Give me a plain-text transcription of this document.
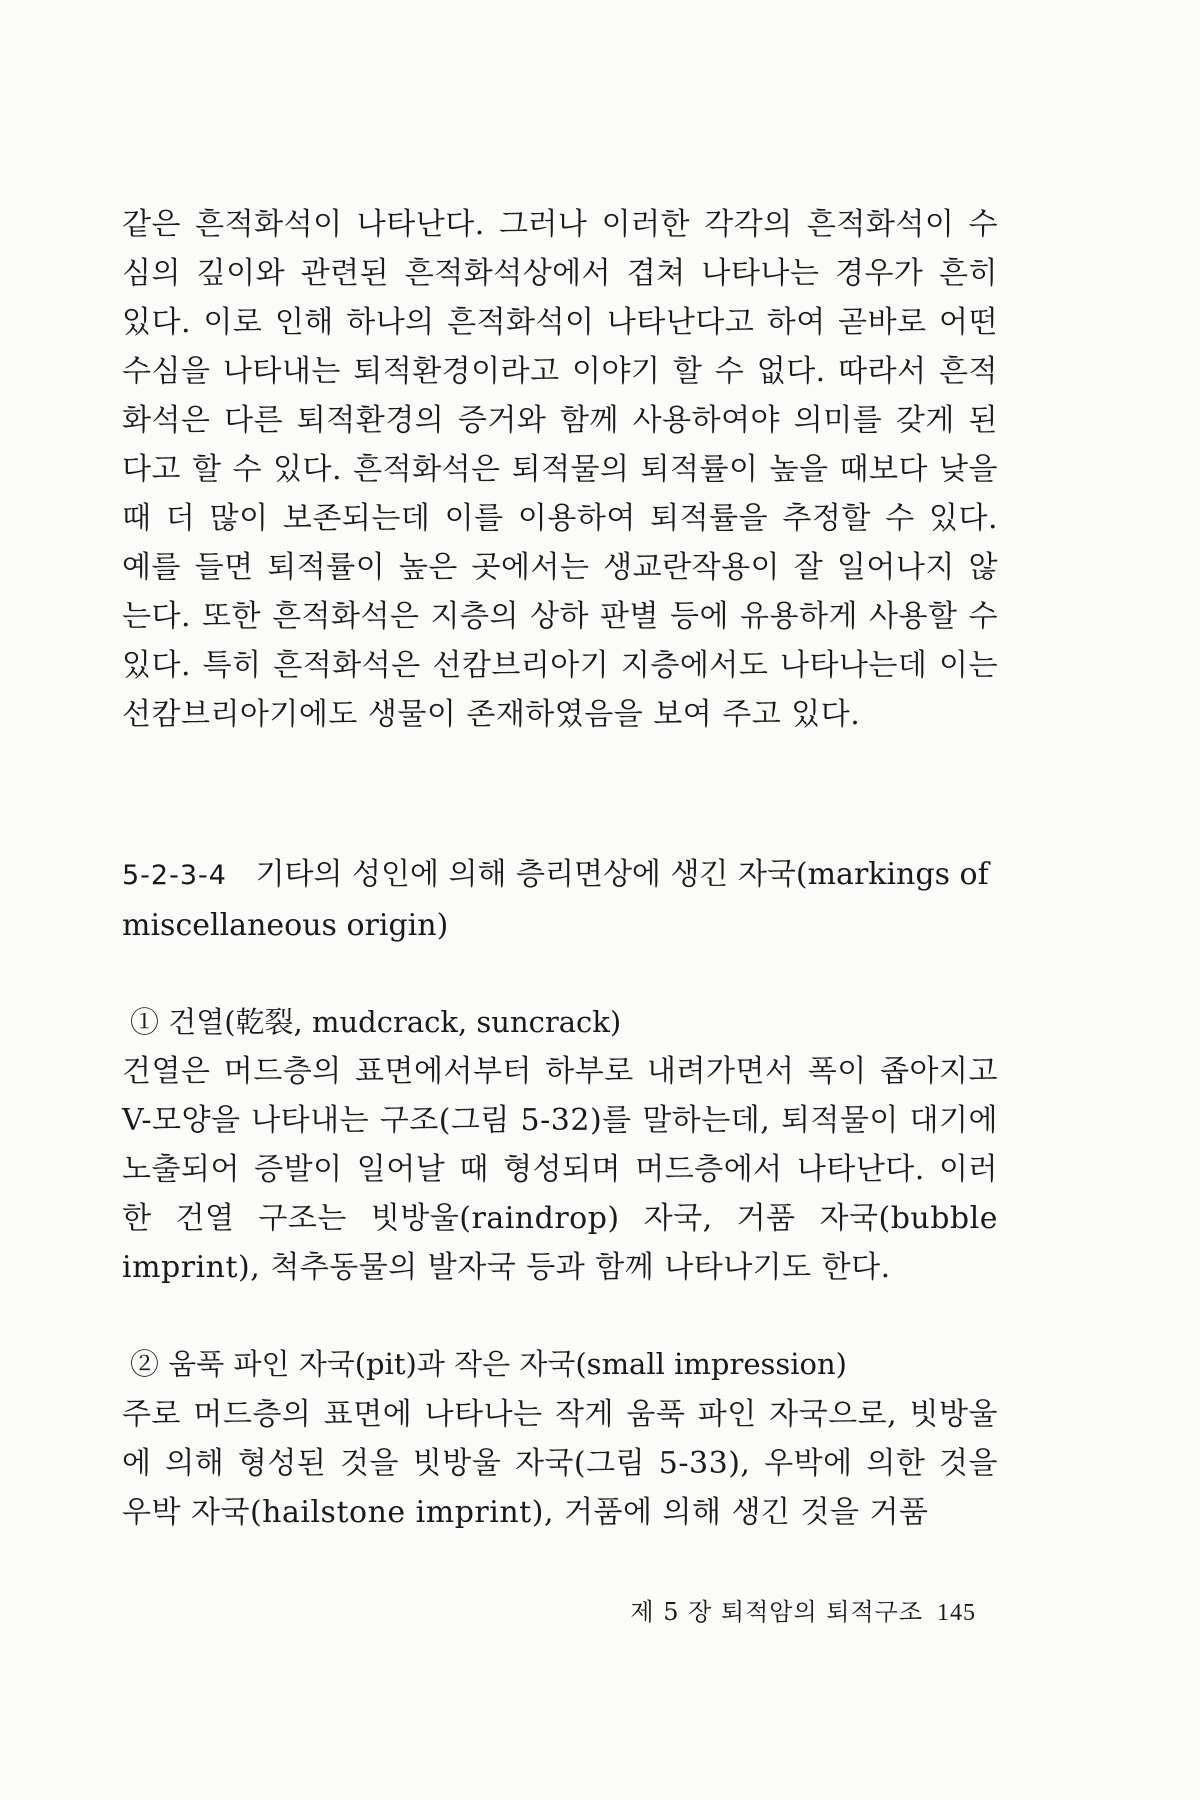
같은 흔적화석이 나타난다. 그러나 이러한 각각의 흔적화석이 수심의 깊이와 관련된 흔적화석상에서 겹쳐 나타나는 경우가 흔히 있다. 이로 인해 하나의 흔적화석이 나타난다고 하여 곧바로 어떤 수심을 나타내는 퇴적환경이라고 이야기 할 수 없다. 따라서 흔적화석은 다른 퇴적환경의 증거와 함께 사용하여야 의미를 갖게 된다고 할 수 있다. 흔적화석은 퇴적물의 퇴적률이 높을 때보다 낮을 때 더 많이 보존되는데 이를 이용하여 퇴적률을 추정할 수 있다. 예를 들면 퇴적률이 높은 곳에서는 생교란작용이 잘 일어나지 않는다. 또한 흔적화석은 지층의 상하 판별 등에 유용하게 사용할 수 있다. 특히 흔적화석은 선캄브리아기 지층에서도 나타나는데 이는 선캄브리아기에도 생물이 존재하였음을 보여 주고 있다.
5-2-3-4 기타의 성인에 의해 층리면상에 생긴 자국(markings of miscellaneous origin)
① 건열(乾裂, mudcrack, suncrack)
건열은 머드층의 표면에서부터 하부로 내려가면서 폭이 좁아지고 V-모양을 나타내는 구조(그림 5-32)를 말하는데, 퇴적물이 대기에 노출되어 증발이 일어날 때 형성되며 머드층에서 나타난다. 이러한 건열 구조는 빗방울(raindrop) 자국, 거품 자국(bubble imprint), 척추동물의 발자국 등과 함께 나타나기도 한다.
② 움푹 파인 자국(pit)과 작은 자국(small impression)
주로 머드층의 표면에 나타나는 작게 움푹 파인 자국으로, 빗방울에 의해 형성된 것을 빗방울 자국(그림 5-33), 우박에 의한 것을 우박 자국(hailstone imprint), 거품에 의해 생긴 것을 거품
제 5 장 퇴적암의 퇴적구조 145
